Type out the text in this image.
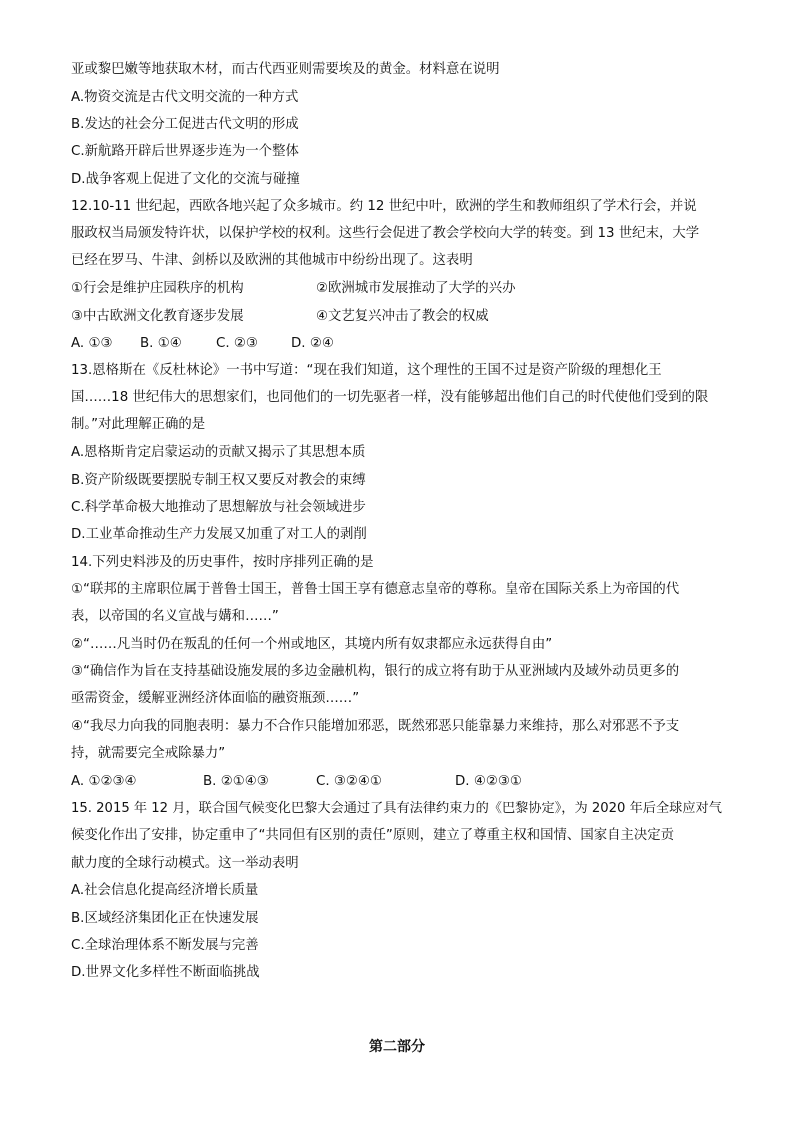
亚或黎巴嫩等地获取木材，而古代西亚则需要埃及的黄金。材料意在说明
A.物资交流是古代文明交流的一种方式
B.发达的社会分工促进古代文明的形成
C.新航路开辟后世界逐步连为一个整体
D.战争客观上促进了文化的交流与碰撞
12.10-11 世纪起，西欧各地兴起了众多城市。约 12 世纪中叶，欧洲的学生和教师组织了学术行会，并说
服政权当局颁发特许状，以保护学校的权利。这些行会促进了教会学校向大学的转变。到 13 世纪末，大学
已经在罗马、牛津、剑桥以及欧洲的其他城市中纷纷出现了。这表明
①行会是维护庄园秩序的机构	②欧洲城市发展推动了大学的兴办
③中古欧洲文化教育逐步发展	④文艺复兴冲击了教会的权威
A. ①③ B. ①④	C. ②③ D. ②④
13.恩格斯在《反杜林论》一书中写道：“现在我们知道，这个理性的王国不过是资产阶级的理想化王
国……18 世纪伟大的思想家们，也同他们的一切先驱者一样，没有能够超出他们自己的时代使他们受到的限
制。”对此理解正确的是
A.恩格斯肯定启蒙运动的贡献又揭示了其思想本质
B.资产阶级既要摆脱专制王权又要反对教会的束缚
C.科学革命极大地推动了思想解放与社会领域进步
D.工业革命推动生产力发展又加重了对工人的剥削
14.下列史料涉及的历史事件，按时序排列正确的是
①“联邦的主席职位属于普鲁士国王，普鲁士国王享有德意志皇帝的尊称。皇帝在国际关系上为帝国的代
表，以帝国的名义宣战与媾和……”
②“……凡当时仍在叛乱的任何一个州或地区，其境内所有奴隶都应永远获得自由”
③“确信作为旨在支持基础设施发展的多边金融机构，银行的成立将有助于从亚洲域内及域外动员更多的
亟需资金，缓解亚洲经济体面临的融资瓶颈……”
④“我尽力向我的同胞表明：暴力不合作只能增加邪恶，既然邪恶只能靠暴力来维持，那么对邪恶不予支
持，就需要完全戒除暴力”
A. ①②③④	B. ②①④③	C. ③②④①	D. ④②③①
15. 2015 年 12 月，联合国气候变化巴黎大会通过了具有法律约束力的《巴黎协定》，为 2020 年后全球应对气
候变化作出了安排，协定重申了“共同但有区别的责任”原则，建立了尊重主权和国情、国家自主决定贡
献力度的全球行动模式。这一举动表明
A.社会信息化提高经济增长质量
B.区域经济集团化正在快速发展
C.全球治理体系不断发展与完善
D.世界文化多样性不断面临挑战
第二部分
